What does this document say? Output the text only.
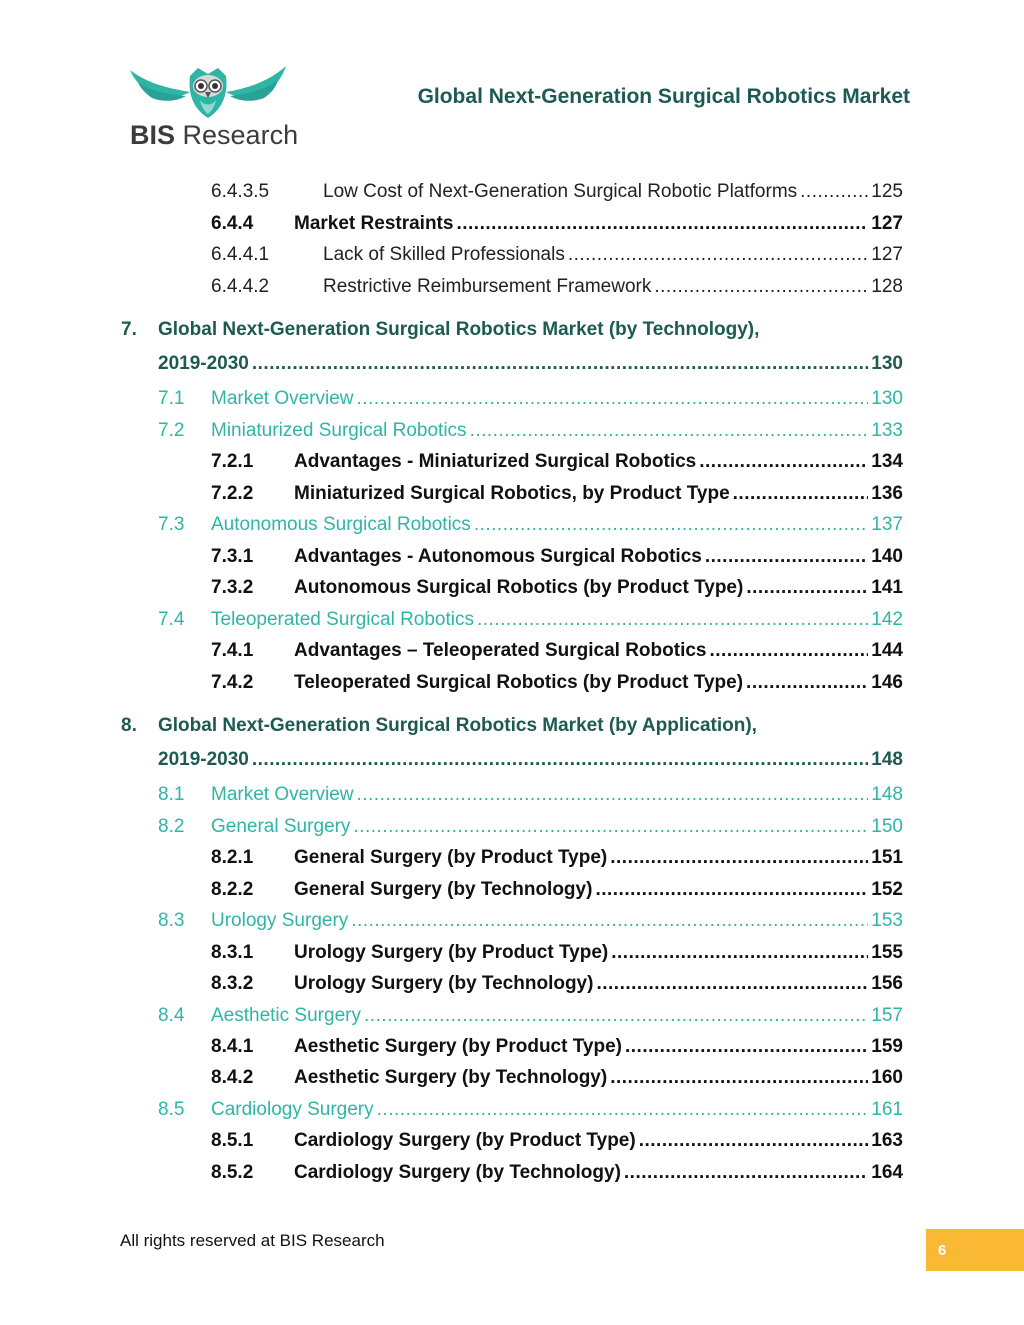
BIS Research
Global Next-Generation Surgical Robotics Market
6.4.3.5	Low Cost of Next-Generation Surgical Robotic Platforms .....	125
6.4.4	Market Restraints .....	127
6.4.4.1	Lack of Skilled Professionals .....	127
6.4.4.2	Restrictive Reimbursement Framework .....	128
7.	Global Next-Generation Surgical Robotics Market (by Technology),
2019-2030 .....	130
7.1	Market Overview .....	130
7.2	Miniaturized Surgical Robotics .....	133
7.2.1	Advantages - Miniaturized Surgical Robotics .....	134
7.2.2	Miniaturized Surgical Robotics, by Product Type .....	136
7.3	Autonomous Surgical Robotics .....	137
7.3.1	Advantages - Autonomous Surgical Robotics .....	140
7.3.2	Autonomous Surgical Robotics (by Product Type) .....	141
7.4	Teleoperated Surgical Robotics .....	142
7.4.1	Advantages – Teleoperated Surgical Robotics .....	144
7.4.2	Teleoperated Surgical Robotics (by Product Type) .....	146
8.	Global Next-Generation Surgical Robotics Market (by Application),
2019-2030 .....	148
8.1	Market Overview .....	148
8.2	General Surgery .....	150
8.2.1	General Surgery (by Product Type) .....	151
8.2.2	General Surgery (by Technology) .....	152
8.3	Urology Surgery .....	153
8.3.1	Urology Surgery (by Product Type) .....	155
8.3.2	Urology Surgery (by Technology) .....	156
8.4	Aesthetic Surgery .....	157
8.4.1	Aesthetic Surgery (by Product Type) .....	159
8.4.2	Aesthetic Surgery (by Technology) .....	160
8.5	Cardiology Surgery .....	161
8.5.1	Cardiology Surgery (by Product Type) .....	163
8.5.2	Cardiology Surgery (by Technology) .....	164
All rights reserved at BIS Research	6
